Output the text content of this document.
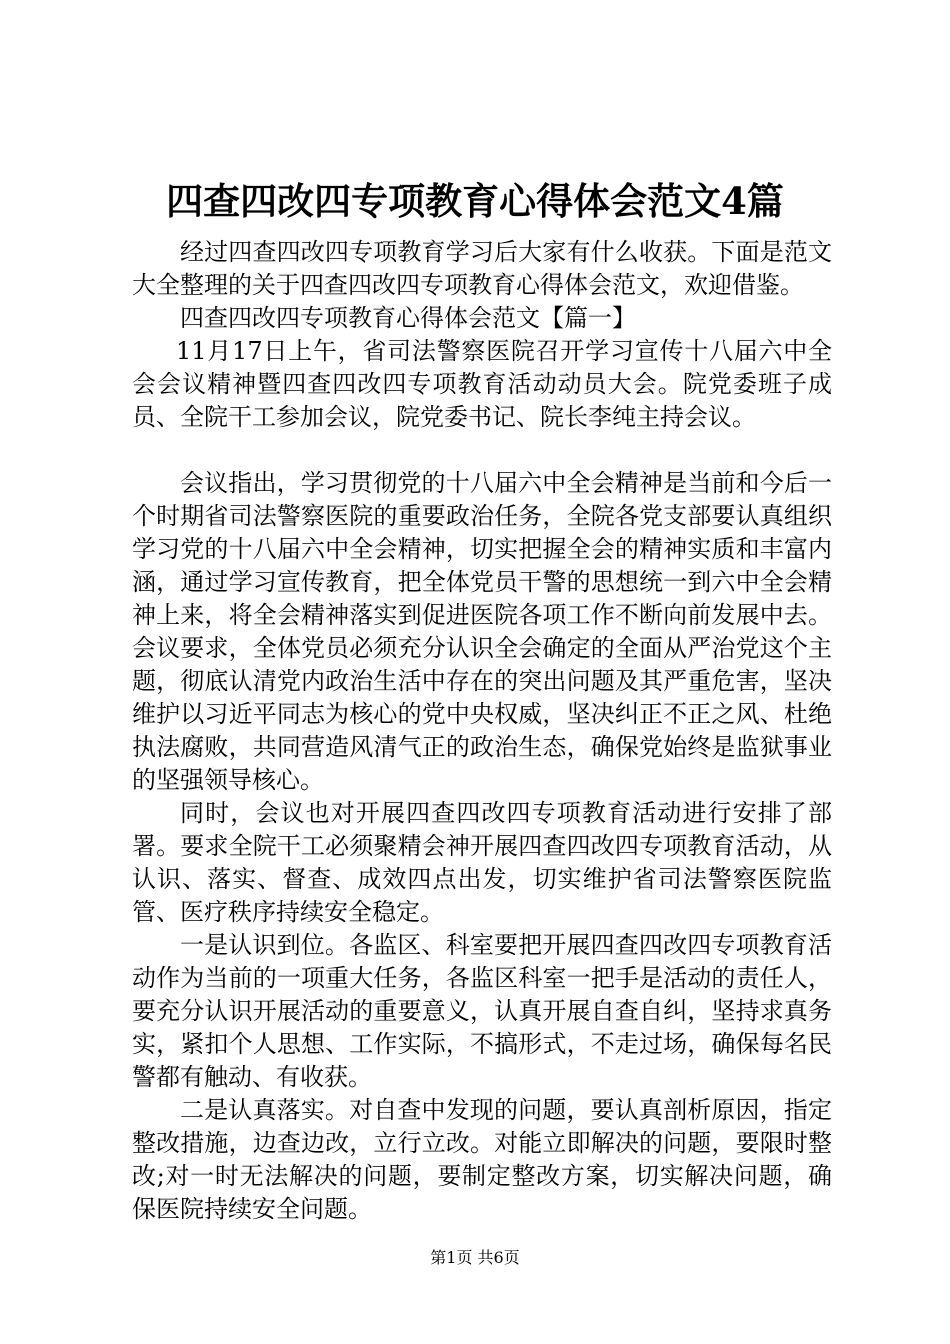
四查四改四专项教育心得体会范文4篇

经过四查四改四专项教育学习后大家有什么收获。下面是范文大全整理的关于四查四改四专项教育心得体会范文，欢迎借鉴。

四查四改四专项教育心得体会范文【篇一】

11月17日上午，省司法警察医院召开学习宣传十八届六中全会会议精神暨四查四改四专项教育活动动员大会。院党委班子成员、全院干工参加会议，院党委书记、院长李纯主持会议。

会议指出，学习贯彻党的十八届六中全会精神是当前和今后一个时期省司法警察医院的重要政治任务，全院各党支部要认真组织学习党的十八届六中全会精神，切实把握全会的精神实质和丰富内涵，通过学习宣传教育，把全体党员干警的思想统一到六中全会精神上来，将全会精神落实到促进医院各项工作不断向前发展中去。会议要求，全体党员必须充分认识全会确定的全面从严治党这个主题，彻底认清党内政治生活中存在的突出问题及其严重危害，坚决维护以习近平同志为核心的党中央权威，坚决纠正不正之风、杜绝执法腐败，共同营造风清气正的政治生态，确保党始终是监狱事业的坚强领导核心。

同时，会议也对开展四查四改四专项教育活动进行安排了部署。要求全院干工必须聚精会神开展四查四改四专项教育活动，从认识、落实、督查、成效四点出发，切实维护省司法警察医院监管、医疗秩序持续安全稳定。

一是认识到位。各监区、科室要把开展四查四改四专项教育活动作为当前的一项重大任务，各监区科室一把手是活动的责任人，要充分认识开展活动的重要意义，认真开展自查自纠，坚持求真务实，紧扣个人思想、工作实际，不搞形式，不走过场，确保每名民警都有触动、有收获。

二是认真落实。对自查中发现的问题，要认真剖析原因，指定整改措施，边查边改，立行立改。对能立即解决的问题，要限时整改;对一时无法解决的问题，要制定整改方案，切实解决问题，确保医院持续安全问题。

第1页 共6页
